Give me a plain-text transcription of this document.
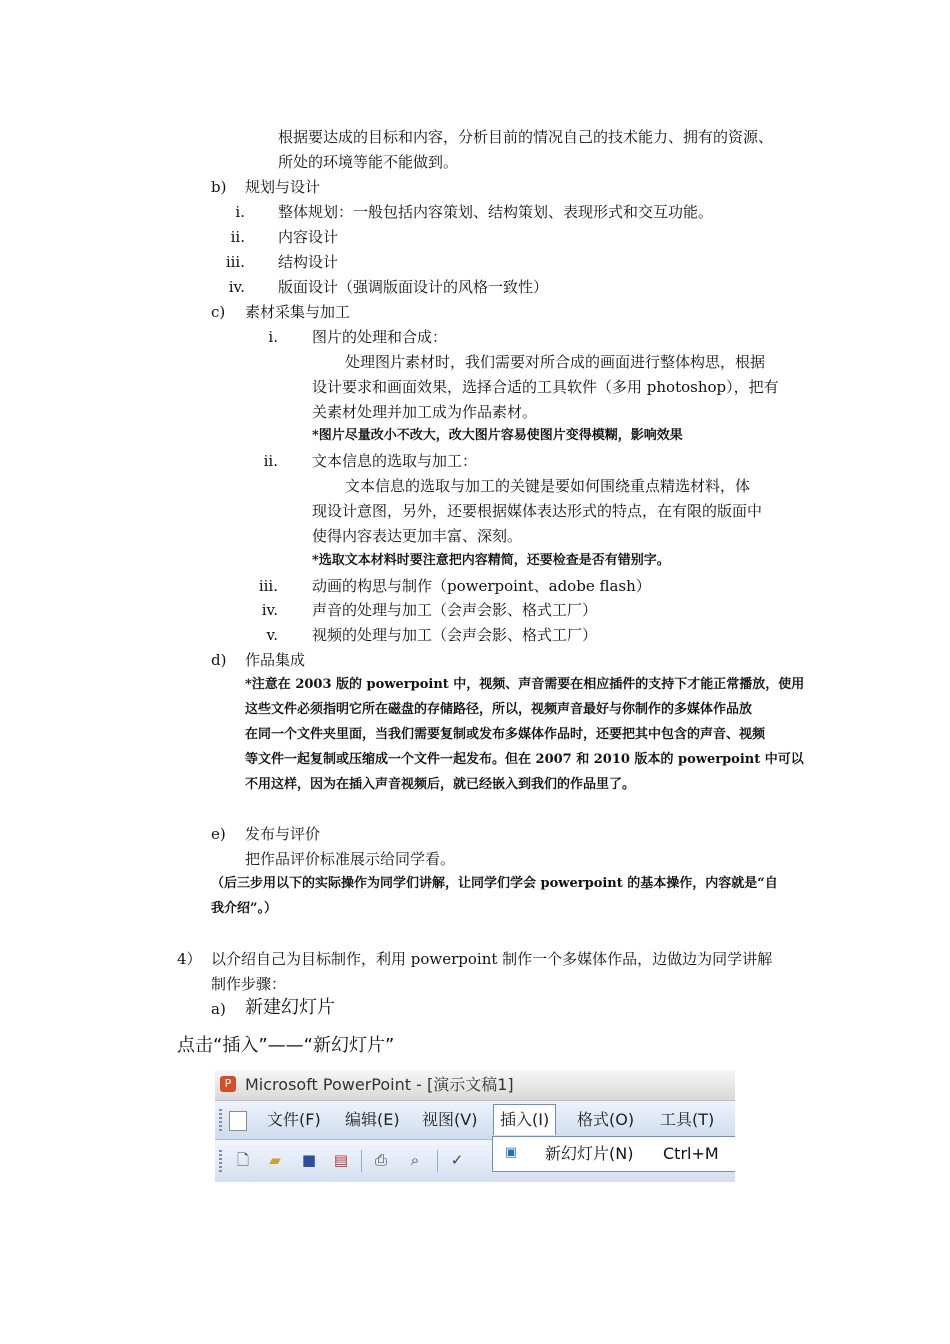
根据要达成的目标和内容，分析目前的情况自己的技术能力、拥有的资源、
所处的环境等能不能做到。
b) 规划与设计
i. 整体规划：一般包括内容策划、结构策划、表现形式和交互功能。
ii. 内容设计
iii. 结构设计
iv. 版面设计（强调版面设计的风格一致性）
c) 素材采集与加工
i. 图片的处理和合成：
处理图片素材时，我们需要对所合成的画面进行整体构思，根据
设计要求和画面效果，选择合适的工具软件（多用 photoshop），把有
关素材处理并加工成为作品素材。
*图片尽量改小不改大，改大图片容易使图片变得模糊，影响效果
ii. 文本信息的选取与加工：
文本信息的选取与加工的关键是要如何围绕重点精选材料，体
现设计意图，另外，还要根据媒体表达形式的特点，在有限的版面中
使得内容表达更加丰富、深刻。
*选取文本材料时要注意把内容精简，还要检查是否有错别字。
iii. 动画的构思与制作（powerpoint、adobe flash）
iv. 声音的处理与加工（会声会影、格式工厂）
v. 视频的处理与加工（会声会影、格式工厂）
d) 作品集成
*注意在 2003 版的 powerpoint 中，视频、声音需要在相应插件的支持下才能正常播放，使用
这些文件必须指明它所在磁盘的存储路径，所以，视频声音最好与你制作的多媒体作品放
在同一个文件夹里面，当我们需要复制或发布多媒体作品时，还要把其中包含的声音、视频
等文件一起复制或压缩成一个文件一起发布。但在 2007 和 2010 版本的 powerpoint 中可以
不用这样，因为在插入声音视频后，就已经嵌入到我们的作品里了。
e) 发布与评价
把作品评价标准展示给同学看。
（后三步用以下的实际操作为同学们讲解，让同学们学会 powerpoint 的基本操作，内容就是“自
我介绍”。）
4） 以介绍自己为目标制作，利用 powerpoint 制作一个多媒体作品，边做边为同学讲解
制作步骤：
a) 新建幻灯片
点击“插入”——“新幻灯片”
P Microsoft PowerPoint - [演示文稿1]
文件(F) 编辑(E) 视图(V)	插入(I)	格式(O) 工具(T)
🗋 ▰ ■ ▤ ⎙	⌕	✓	▣ 新幻灯片(N) Ctrl+M
